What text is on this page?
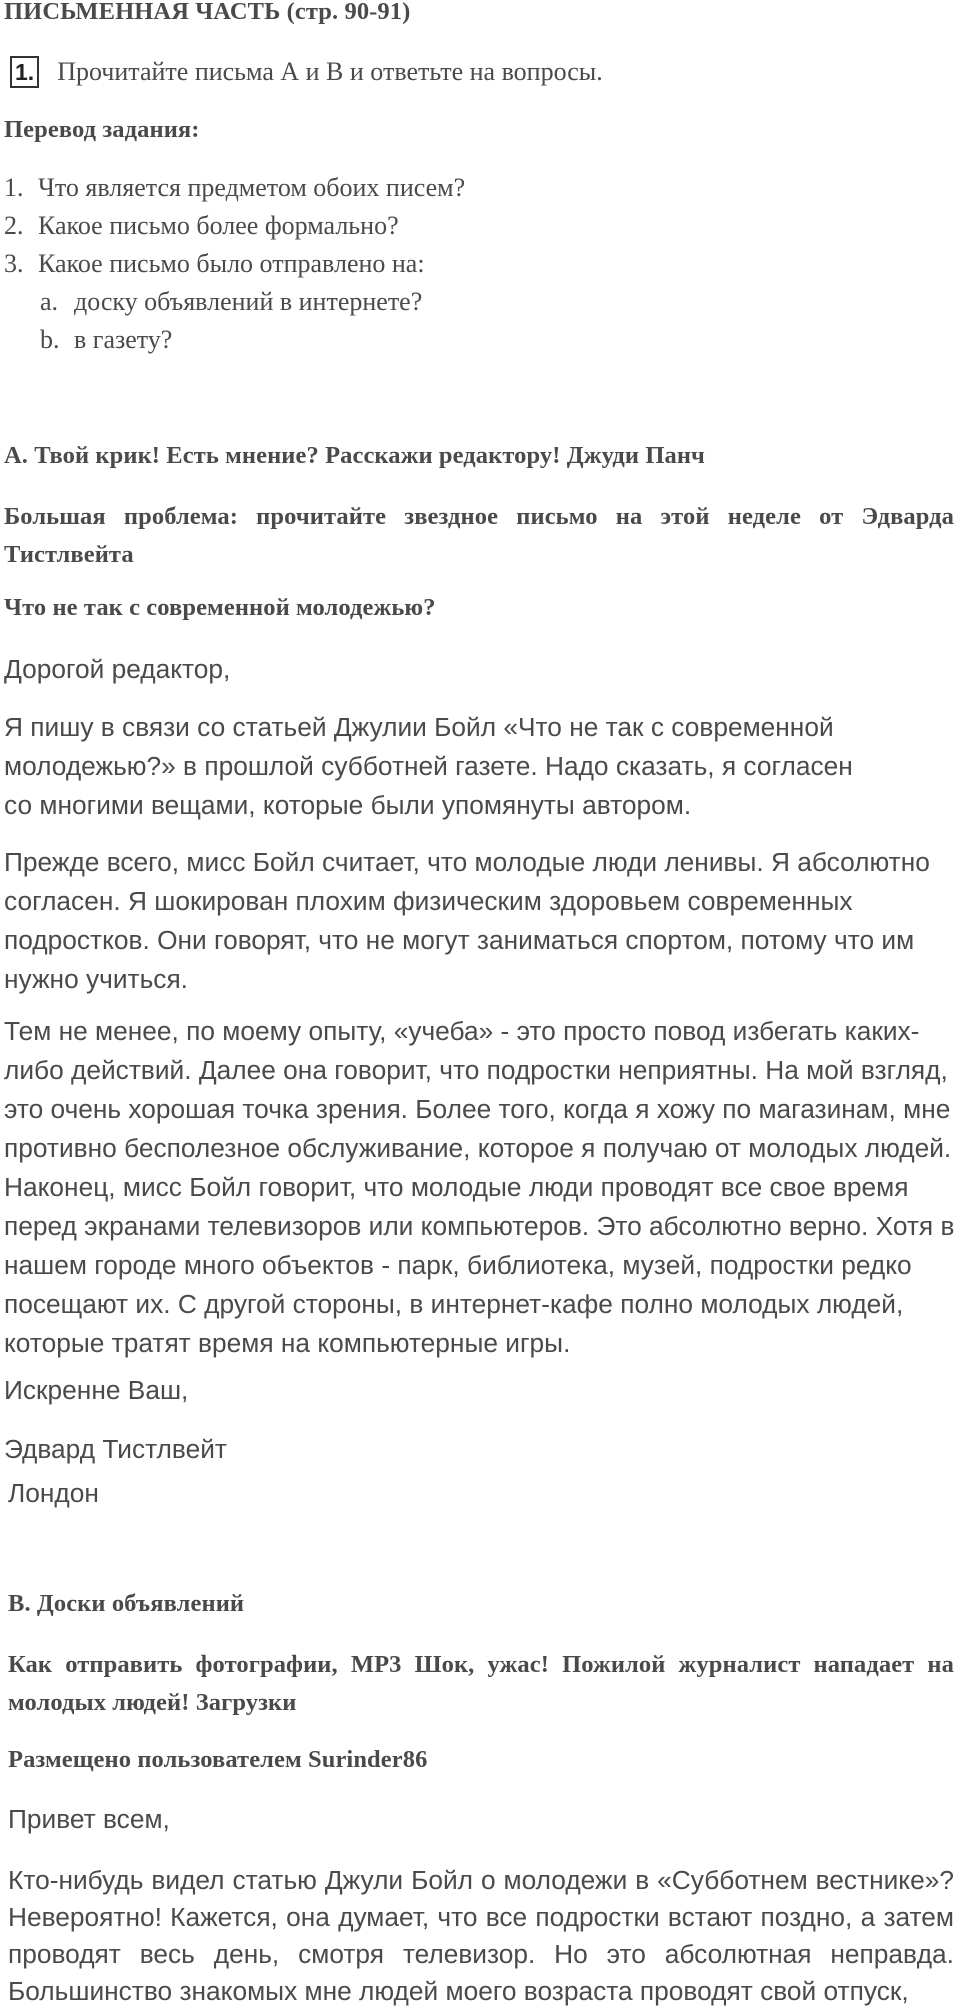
ПИСЬМЕННАЯ ЧАСТЬ (стр. 90-91)
1. Прочитайте письма А и В и ответьте на вопросы.
Перевод задания:
1. Что является предметом обоих писем?
2. Какое письмо более формально?
3. Какое письмо было отправлено на:
a. доску объявлений в интернете?
b. в газету?
A. Твой крик! Есть мнение? Расскажи редактору! Джуди Панч
Большая проблема: прочитайте звездное письмо на этой неделе от Эдварда Тистлвейта
Что не так с современной молодежью?
Дорогой редактор,
Я пишу в связи со статьей Джулии Бойл «Что не так с современной молодежью?» в прошлой субботней газете. Надо сказать, я согласен со многими вещами, которые были упомянуты автором.
Прежде всего, мисс Бойл считает, что молодые люди ленивы. Я абсолютно согласен. Я шокирован плохим физическим здоровьем современных подростков. Они говорят, что не могут заниматься спортом, потому что им нужно учиться.
Тем не менее, по моему опыту, «учеба» - это просто повод избегать каких-либо действий. Далее она говорит, что подростки неприятны. На мой взгляд, это очень хорошая точка зрения. Более того, когда я хожу по магазинам, мне противно бесполезное обслуживание, которое я получаю от молодых людей. Наконец, мисс Бойл говорит, что молодые люди проводят все свое время перед экранами телевизоров или компьютеров. Это абсолютно верно. Хотя в нашем городе много объектов - парк, библиотека, музей, подростки редко посещают их. С другой стороны, в интернет-кафе полно молодых людей, которые тратят время на компьютерные игры.
Искренне Ваш,
Эдвард Тистлвейт
Лондон
B. Доски объявлений
Как отправить фотографии, MP3 Шок, ужас! Пожилой журналист нападает на молодых людей! Загрузки
Размещено пользователем Surinder86
Привет всем,
Кто-нибудь видел статью Джули Бойл о молодежи в «Субботнем вестнике»? Невероятно! Кажется, она думает, что все подростки встают поздно, а затем проводят весь день, смотря телевизор. Но это абсолютная неправда. Большинство знакомых мне людей моего возраста проводят свой отпуск,
